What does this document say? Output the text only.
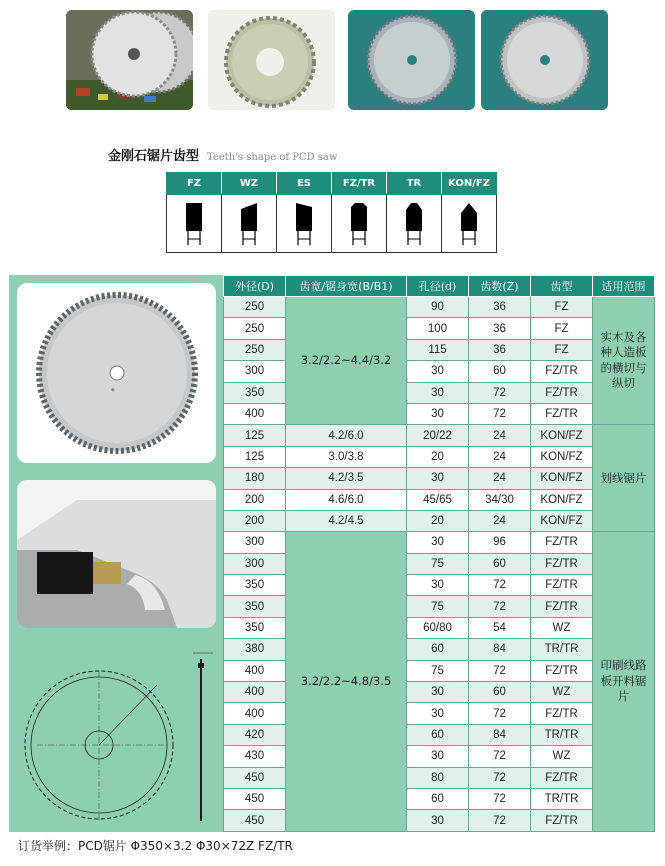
金刚石锯片齿型 Teeth's shape of PCD saw
FZ	WZ	ES	FZ/TR	TR	KON/FZ

◈
外径(D)	齿宽/锯身宽(B/B1)	孔径(d)	齿数(Z)	齿型	适用范围
250	3.2/2.2~4.4/3.2	90	36	FZ	实木及各种人造板的横切与纵切
250		100	36	FZ	
250		115	36	FZ	
300		30	60	FZ/TR	
350		30	72	FZ/TR	
400		30	72	FZ/TR	
125	4.2/6.0	20/22	24	KON/FZ	划线锯片
125	3.0/3.8	20	24	KON/FZ	
180	4.2/3.5	30	24	KON/FZ	
200	4.6/6.0	45/65	34/30	KON/FZ	
200	4.2/4.5	20	24	KON/FZ	
300	3.2/2.2~4.8/3.5	30	96	FZ/TR	印刷线路板开料锯片
300		75	60	FZ/TR	
350		30	72	FZ/TR	
350		75	72	FZ/TR	
350		60/80	54	WZ	
380		60	84	TR/TR	
400		75	72	FZ/TR	
400		30	60	WZ	
400		30	72	FZ/TR	
420		60	84	TR/TR	
430		30	72	WZ	
450		80	72	FZ/TR	
450		60	72	TR/TR	
450		30	72	FZ/TR	
订货举例：PCD锯片 Φ350×3.2 Φ30×72Z FZ/TR
